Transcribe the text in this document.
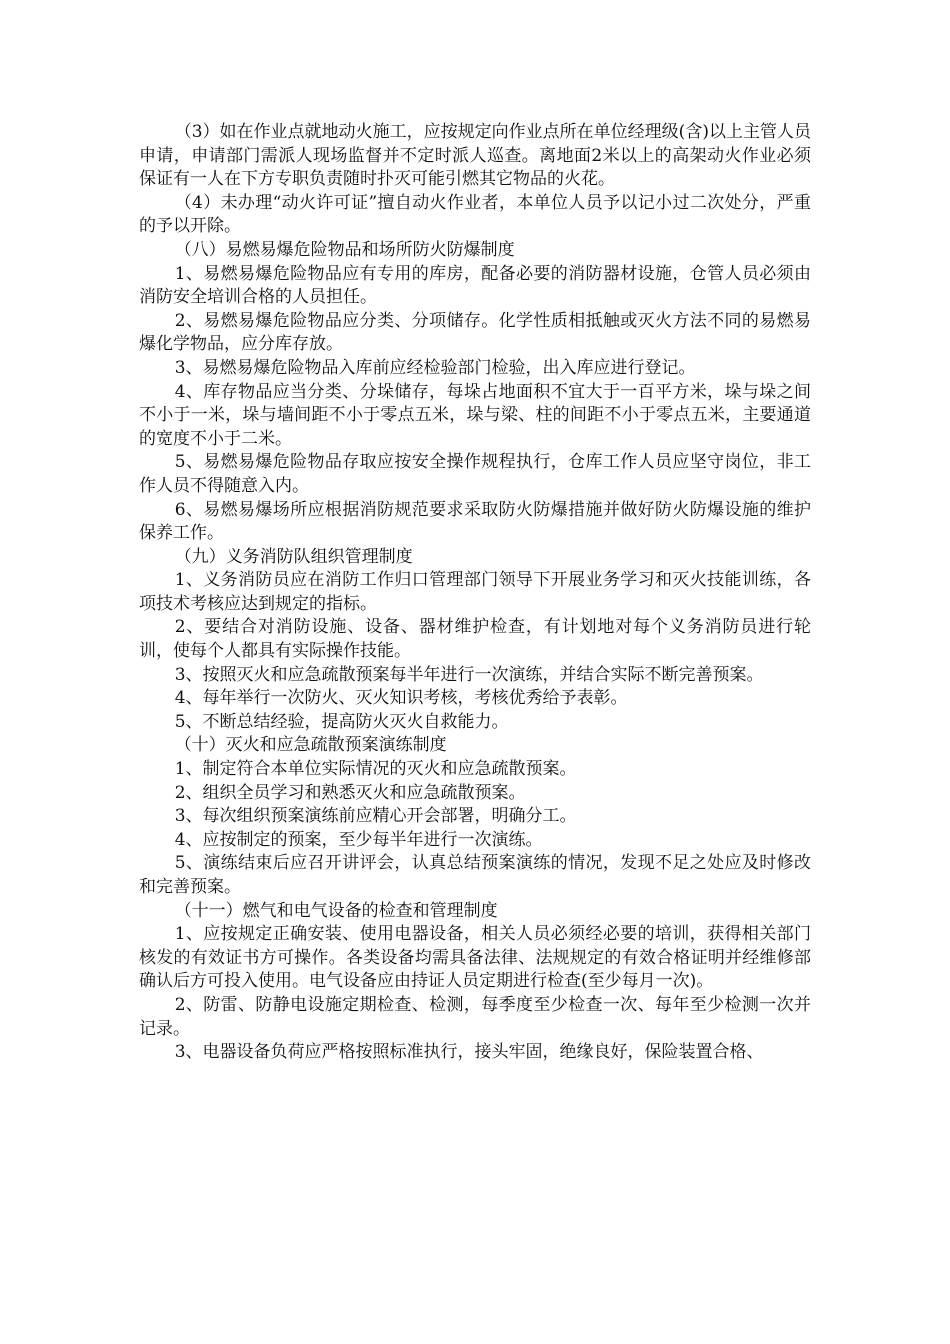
（3）如在作业点就地动火施工，应按规定向作业点所在单位经理级(含)以上主管人员申请，申请部门需派人现场监督并不定时派人巡查。离地面2米以上的高架动火作业必须保证有一人在下方专职负责随时扑灭可能引燃其它物品的火花。

（4）未办理“动火许可证”擅自动火作业者，本单位人员予以记小过二次处分，严重的予以开除。

（八）易燃易爆危险物品和场所防火防爆制度

1、易燃易爆危险物品应有专用的库房，配备必要的消防器材设施，仓管人员必须由消防安全培训合格的人员担任。

2、易燃易爆危险物品应分类、分项储存。化学性质相抵触或灭火方法不同的易燃易爆化学物品，应分库存放。

3、易燃易爆危险物品入库前应经检验部门检验，出入库应进行登记。

4、库存物品应当分类、分垛储存，每垛占地面积不宜大于一百平方米，垛与垛之间不小于一米，垛与墙间距不小于零点五米，垛与梁、柱的间距不小于零点五米，主要通道的宽度不小于二米。

5、易燃易爆危险物品存取应按安全操作规程执行，仓库工作人员应坚守岗位，非工作人员不得随意入内。

6、易燃易爆场所应根据消防规范要求采取防火防爆措施并做好防火防爆设施的维护保养工作。

（九）义务消防队组织管理制度

1、义务消防员应在消防工作归口管理部门领导下开展业务学习和灭火技能训练，各项技术考核应达到规定的指标。

2、要结合对消防设施、设备、器材维护检查，有计划地对每个义务消防员进行轮训，使每个人都具有实际操作技能。

3、按照灭火和应急疏散预案每半年进行一次演练，并结合实际不断完善预案。

4、每年举行一次防火、灭火知识考核，考核优秀给予表彰。

5、不断总结经验，提高防火灭火自救能力。

（十）灭火和应急疏散预案演练制度

1、制定符合本单位实际情况的灭火和应急疏散预案。

2、组织全员学习和熟悉灭火和应急疏散预案。

3、每次组织预案演练前应精心开会部署，明确分工。

4、应按制定的预案，至少每半年进行一次演练。

5、演练结束后应召开讲评会，认真总结预案演练的情况，发现不足之处应及时修改和完善预案。

（十一）燃气和电气设备的检查和管理制度

1、应按规定正确安装、使用电器设备，相关人员必须经必要的培训，获得相关部门核发的有效证书方可操作。各类设备均需具备法律、法规规定的有效合格证明并经维修部确认后方可投入使用。电气设备应由持证人员定期进行检查(至少每月一次)。

2、防雷、防静电设施定期检查、检测，每季度至少检查一次、每年至少检测一次并记录。

3、电器设备负荷应严格按照标准执行，接头牢固，绝缘良好，保险装置合格、
